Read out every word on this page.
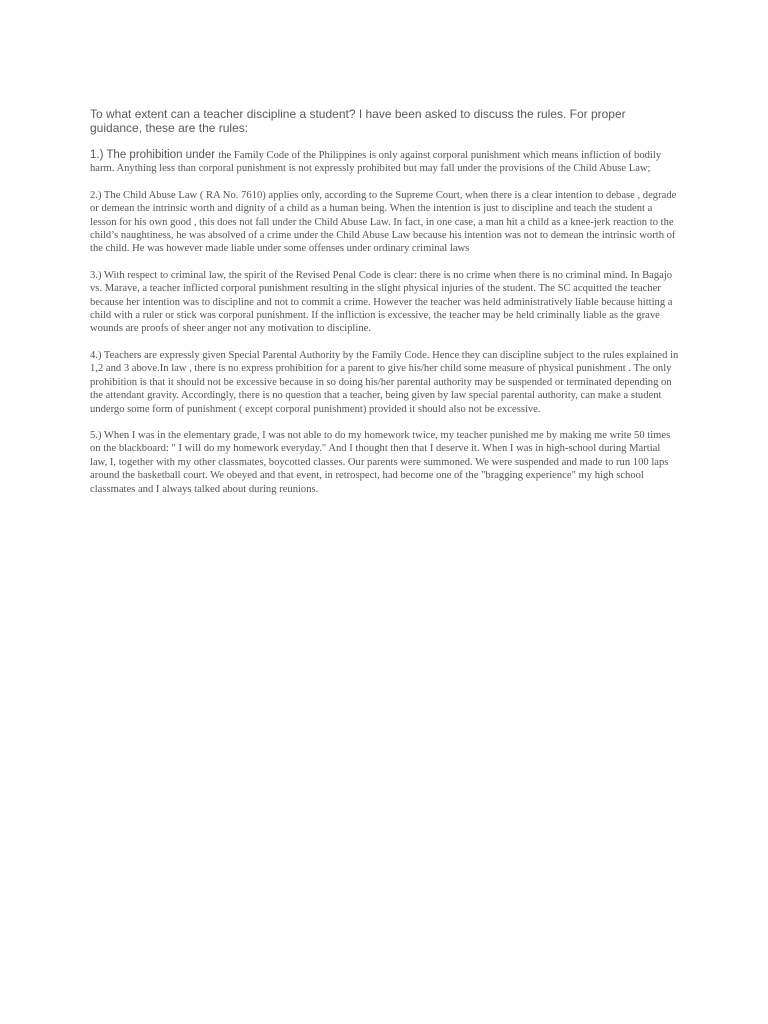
To what extent can a teacher discipline a student? I have been asked to discuss the rules. For proper guidance, these are the rules:

1.) The prohibition under the Family Code of the Philippines is only against corporal punishment which means infliction of bodily harm. Anything less than corporal punishment is not expressly prohibited but may fall under the provisions of the Child Abuse Law;

2.) The Child Abuse Law ( RA No. 7610) applies only, according to the Supreme Court, when there is a clear intention to debase , degrade or demean the intrinsic worth and dignity of a child as a human being. When the intention is just to discipline and teach the student a lesson for his own good , this does not fall under the Child Abuse Law. In fact, in one case, a man hit a child as a knee-jerk reaction to the child’s naughtiness, he was absolved of a crime under the Child Abuse Law because his intention was not to demean the intrinsic worth of the child. He was however made liable under some offenses under ordinary criminal laws

3.) With respect to criminal law, the spirit of the Revised Penal Code is clear: there is no crime when there is no criminal mind. In Bagajo vs. Marave, a teacher inflicted corporal punishment resulting in the slight physical injuries of the student. The SC acquitted the teacher because her intention was to discipline and not to commit a crime. However the teacher was held administratively liable because hitting a child with a ruler or stick was corporal punishment. If the infliction is excessive, the teacher may be held criminally liable as the grave wounds are proofs of sheer anger not any motivation to discipline.

4.) Teachers are expressly given Special Parental Authority by the Family Code. Hence they can discipline subject to the rules explained in 1,2 and 3 above.In law , there is no express prohibition for a parent to give his/her child some measure of physical punishment . The only prohibition is that it should not be excessive because in so doing his/her parental authority may be suspended or terminated depending on the attendant gravity. Accordingly, there is no question that a teacher, being given by law special parental authority, can make a student undergo some form of punishment ( except corporal punishment) provided it should also not be excessive.

5.) When I was in the elementary grade, I was not able to do my homework twice, my teacher punished me by making me write 50 times on the blackboard: " I will do my homework everyday." And I thought then that I deserve it. When I was in high-school during Martial law, I, together with my other classmates, boycotted classes. Our parents were summoned. We were suspended and made to run 100 laps around the basketball court. We obeyed and that event, in retrospect, had become one of the "bragging experience" my high school classmates and I always talked about during reunions.
